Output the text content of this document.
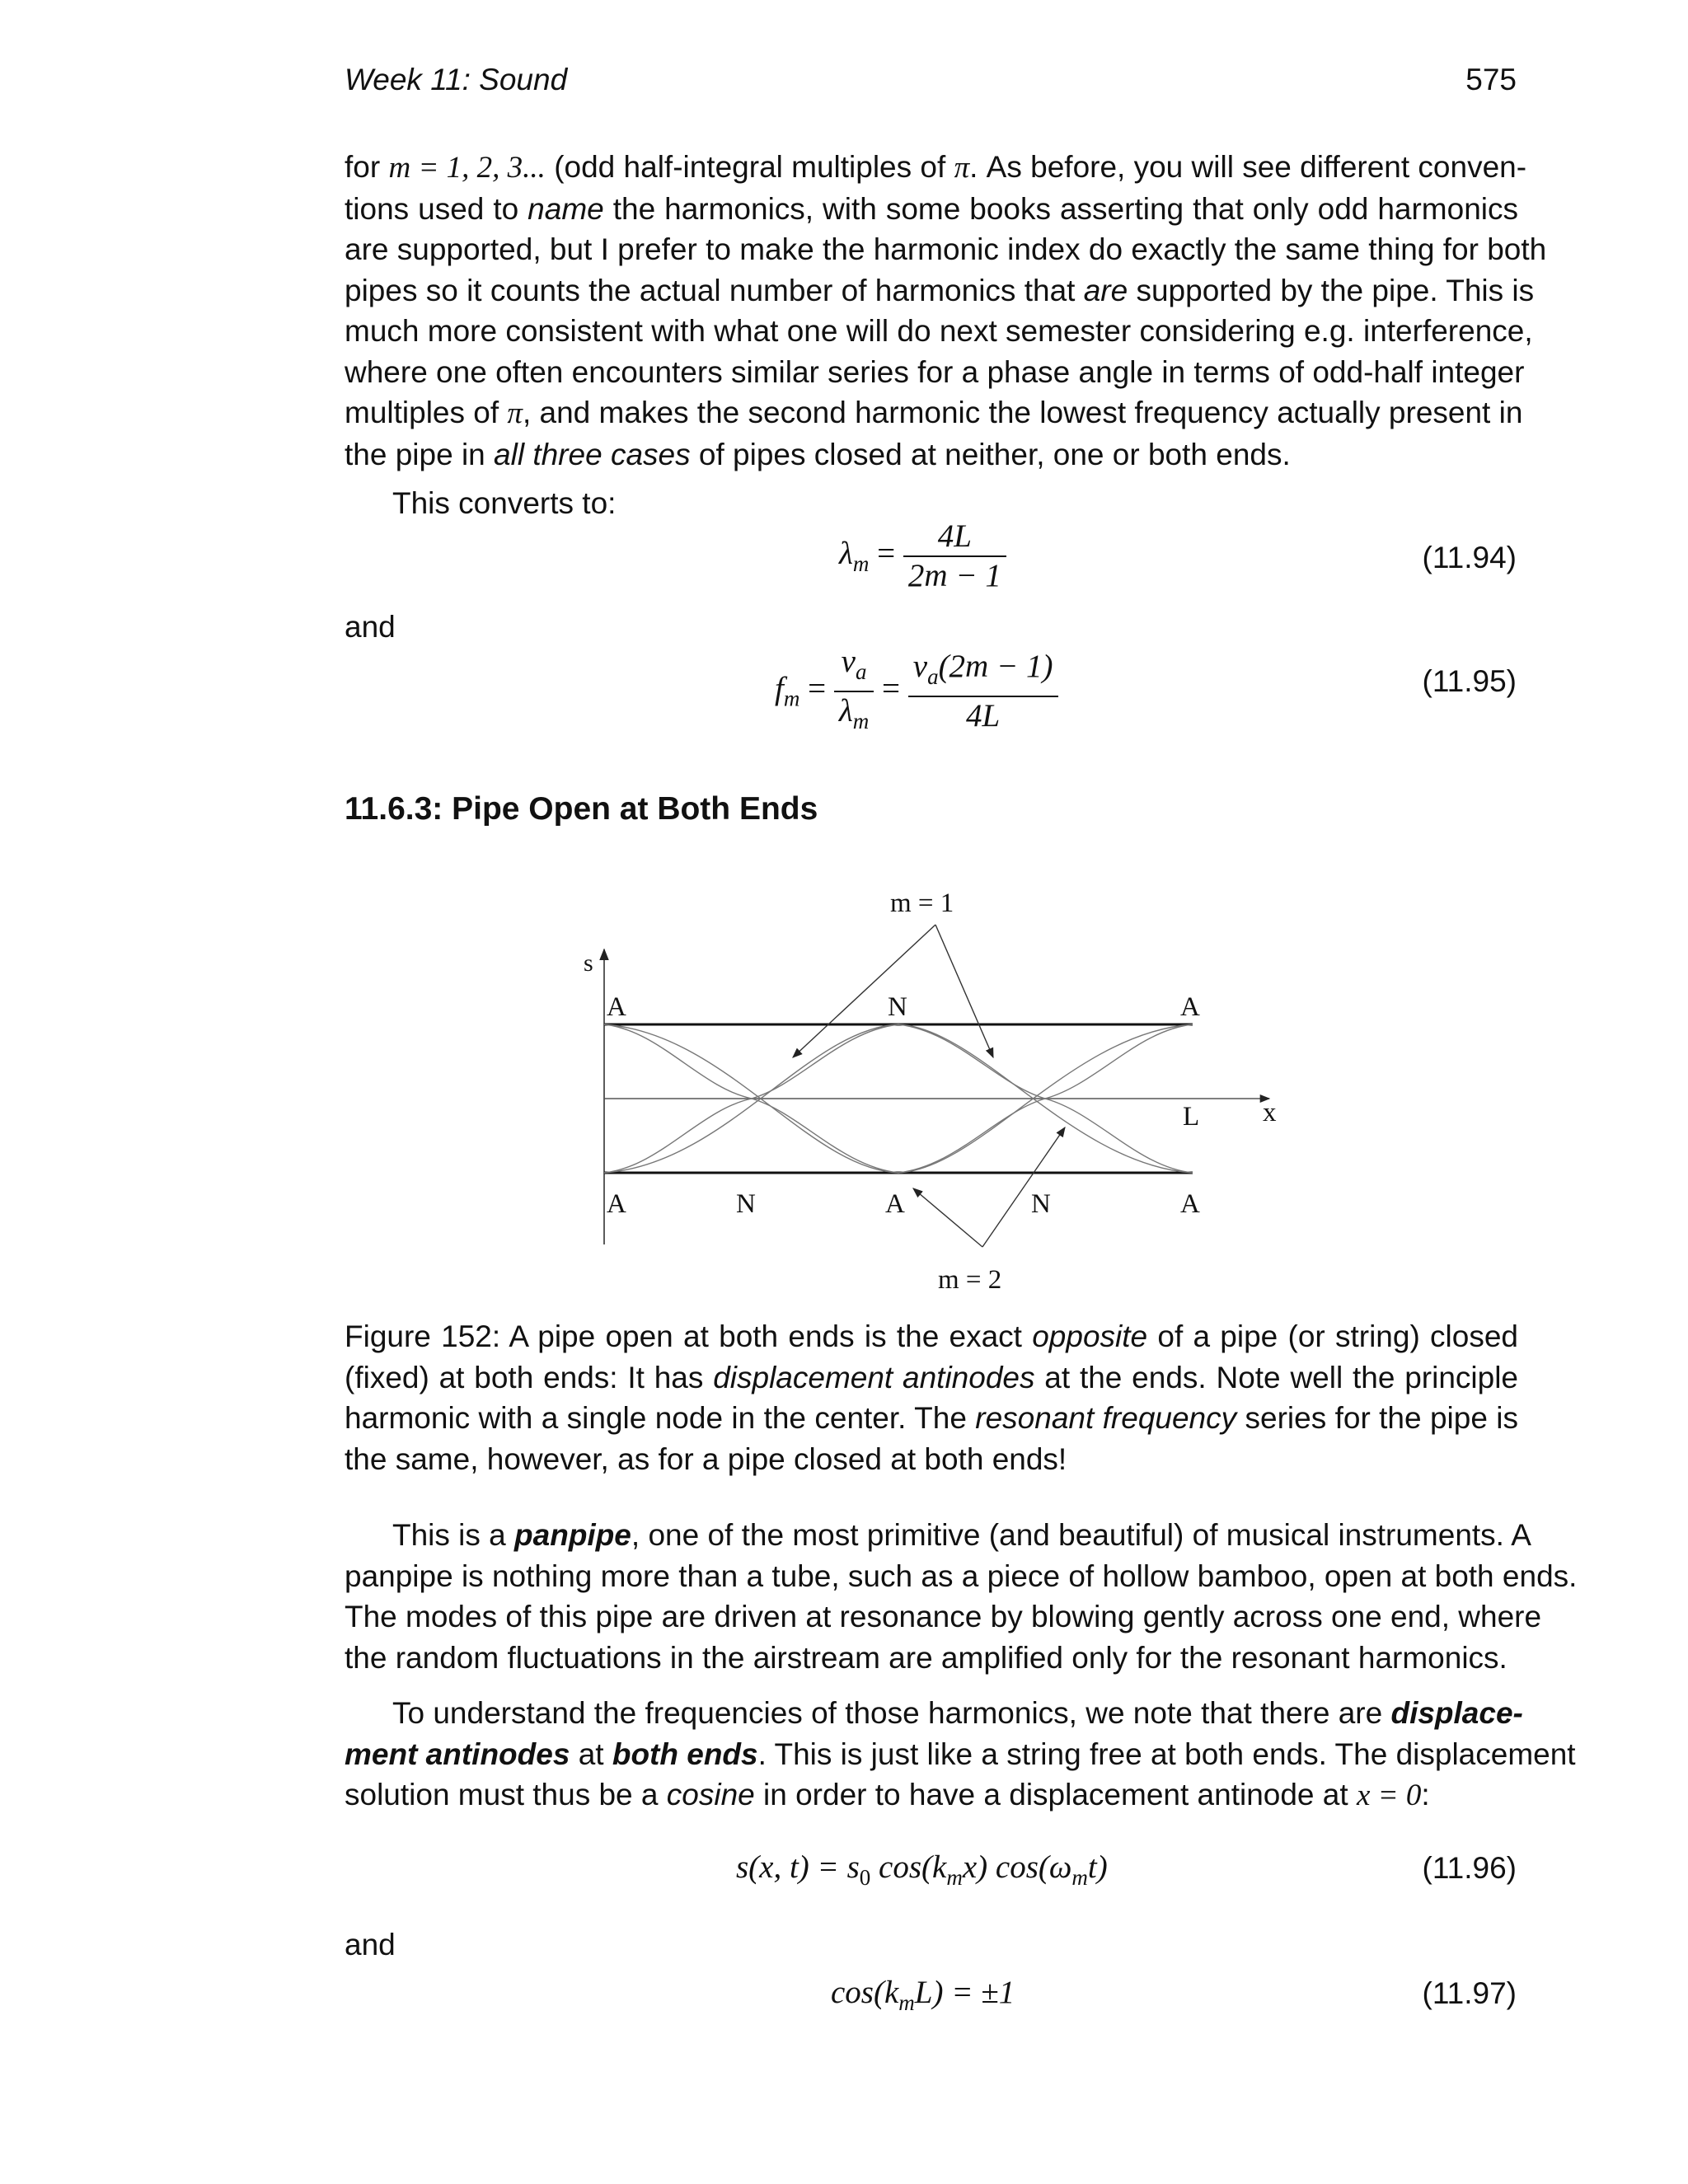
Week 11: Sound	575
for m = 1, 2, 3... (odd half-integral multiples of π. As before, you will see different conven-
tions used to name the harmonics, with some books asserting that only odd harmonics
are supported, but I prefer to make the harmonic index do exactly the same thing for both
pipes so it counts the actual number of harmonics that are supported by the pipe. This is
much more consistent with what one will do next semester considering e.g. interference,
where one often encounters similar series for a phase angle in terms of odd-half integer
multiples of π, and makes the second harmonic the lowest frequency actually present in
the pipe in all three cases of pipes closed at neither, one or both ends.
This converts to:
$\lambda_m = \frac{4L}{2m - 1}$	(11.94)
and
$f_m = \frac{v_a}{\lambda_m} = \frac{v_a(2m - 1)}{4L}$	(11.95)
11.6.3: Pipe Open at Both Ends
m = 1
m = 2
s
x
L
A	N	A
A	N	A	N	A
Figure 152: A pipe open at both ends is the exact opposite of a pipe (or string) closed
(fixed) at both ends: It has displacement antinodes at the ends. Note well the principle
harmonic with a single node in the center. The resonant frequency series for the pipe is
the same, however, as for a pipe closed at both ends!
This is a panpipe, one of the most primitive (and beautiful) of musical instruments. A
panpipe is nothing more than a tube, such as a piece of hollow bamboo, open at both ends.
The modes of this pipe are driven at resonance by blowing gently across one end, where
the random fluctuations in the airstream are amplified only for the resonant harmonics.
To understand the frequencies of those harmonics, we note that there are displace-
ment antinodes at both ends. This is just like a string free at both ends. The displacement
solution must thus be a cosine in order to have a displacement antinode at x = 0:
s(x, $t) = s_0$ $\cos(k_mx)$ $\cos(\omega_mt)$	(11.96)
and
$\cos(k_mL) = \pm 1$	(11.97)
